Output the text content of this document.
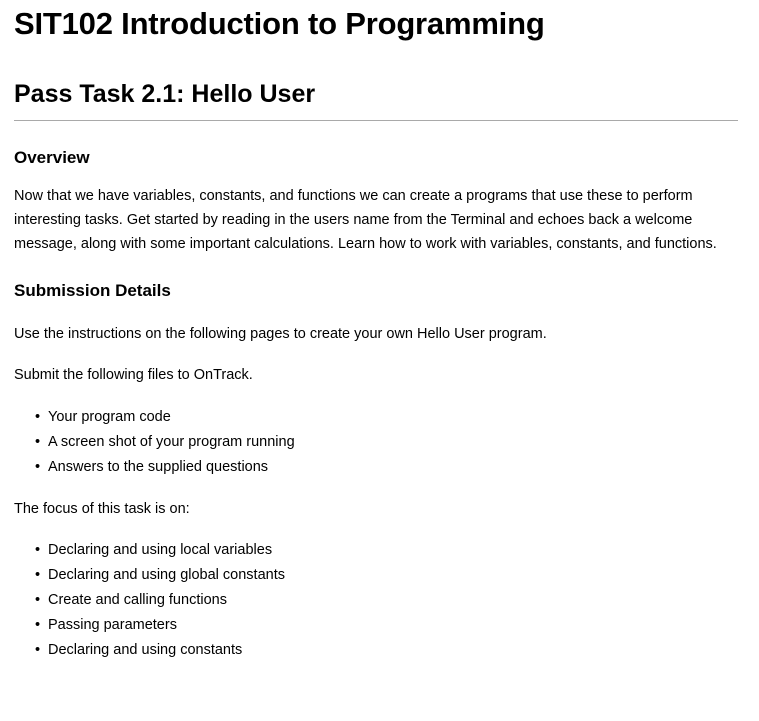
SIT102 Introduction to Programming
Pass Task 2.1: Hello User
Overview

Now that we have variables, constants, and functions we can create a programs that use these to perform interesting tasks. Get started by reading in the users name from the Terminal and echoes back a welcome message, along with some important calculations. Learn how to work with variables, constants, and functions.

Submission Details

Use the instructions on the following pages to create your own Hello User program.

Submit the following files to OnTrack.

• Your program code
• A screen shot of your program running
• Answers to the supplied questions

The focus of this task is on:

• Declaring and using local variables
• Declaring and using global constants
• Create and calling functions
• Passing parameters
• Declaring and using constants
